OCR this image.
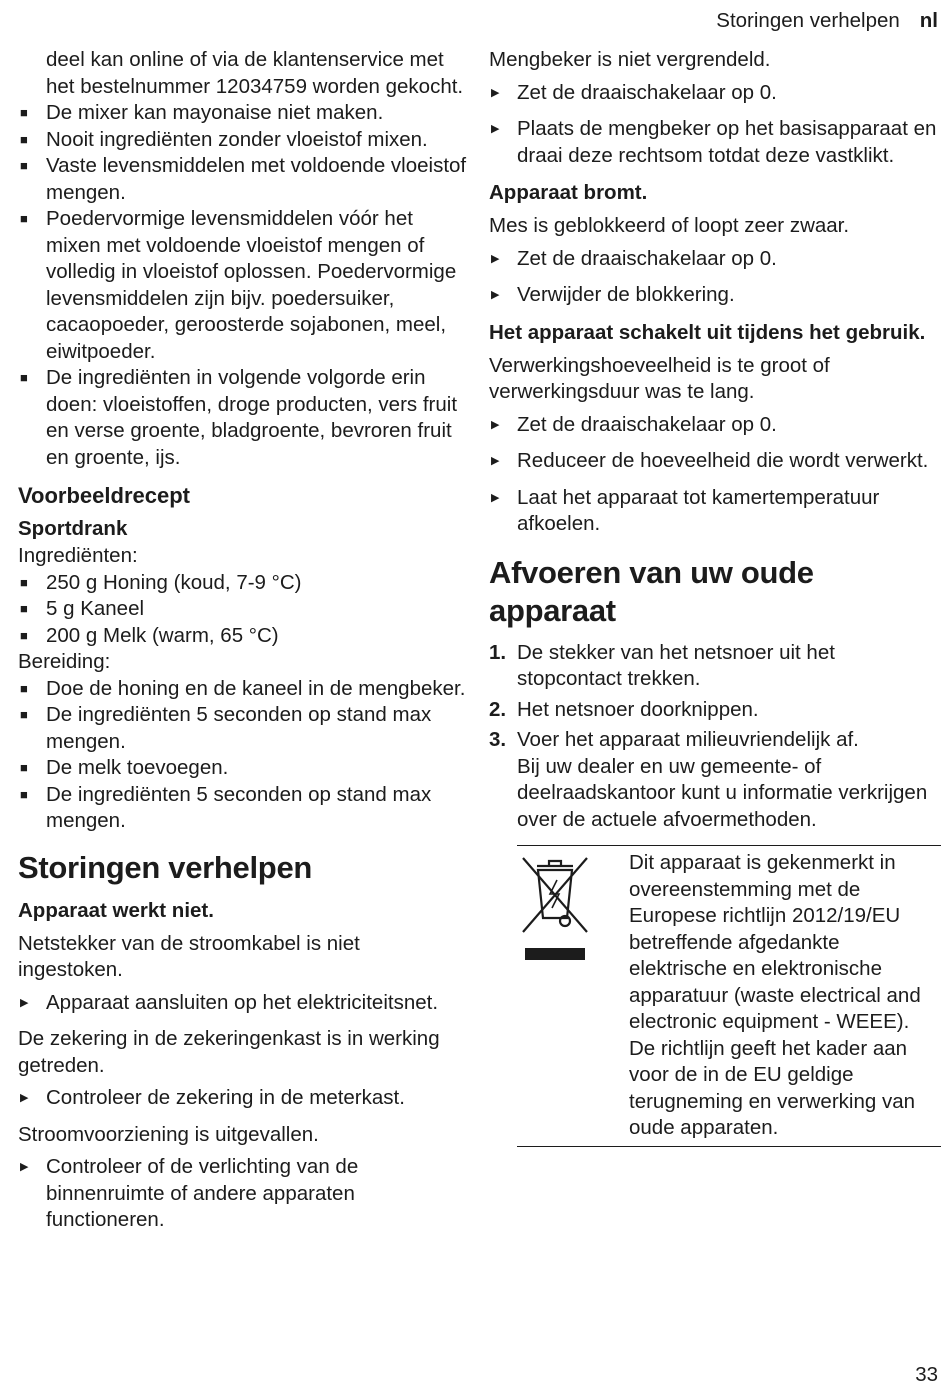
Storingen verhelpen nl

deel kan online of via de klantenservice met het bestelnummer 12034759 worden gekocht.

■ De mixer kan mayonaise niet maken.
■ Nooit ingrediënten zonder vloeistof mixen.
■ Vaste levensmiddelen met voldoende vloeistof mengen.
■ Poedervormige levensmiddelen vóór het mixen met voldoende vloeistof mengen of volledig in vloeistof oplossen. Poedervormige levensmiddelen zijn bijv. poedersuiker, cacaopoeder, geroosterde sojabonen, meel, eiwitpoeder.
■ De ingrediënten in volgende volgorde erin doen: vloeistoffen, droge producten, vers fruit en verse groente, bladgroente, bevroren fruit en groente, ijs.
Voorbeeldrecept
Sportdrank

Ingrediënten:

■ 250 g Honing (koud, 7-9 °C)
■ 5 g Kaneel
■ 200 g Melk (warm, 65 °C)

Bereiding:

■ Doe de honing en de kaneel in de mengbeker.
■ De ingrediënten 5 seconden op stand max mengen.
■ De melk toevoegen.
■ De ingrediënten 5 seconden op stand max mengen.
Storingen verhelpen
Apparaat werkt niet.

Netstekker van de stroomkabel is niet ingestoken.

▶ Apparaat aansluiten op het elektriciteitsnet.

De zekering in de zekeringenkast is in werking getreden.

▶ Controleer de zekering in de meterkast.

Stroomvoorziening is uitgevallen.

▶ Controleer of de verlichting van de binnenruimte of andere apparaten functioneren.

Mengbeker is niet vergrendeld.

▶ Zet de draaischakelaar op 0.
▶ Plaats de mengbeker op het basisapparaat en draai deze rechtsom totdat deze vastklikt.
Apparaat bromt.

Mes is geblokkeerd of loopt zeer zwaar.

▶ Zet de draaischakelaar op 0.
▶ Verwijder de blokkering.
Het apparaat schakelt uit tijdens het gebruik.

Verwerkingshoeveelheid is te groot of verwerkingsduur was te lang.

▶ Zet de draaischakelaar op 0.
▶ Reduceer de hoeveelheid die wordt verwerkt.
▶ Laat het apparaat tot kamertemperatuur afkoelen.
Afvoeren van uw oude apparaat
1. De stekker van het netsnoer uit het stopcontact trekken.
2. Het netsnoer doorknippen.
3. Voer het apparaat milieuvriendelijk af.

Bij uw dealer en uw gemeente- of deelraadskantoor kunt u informatie verkrijgen over de actuele afvoermethoden.

Dit apparaat is gekenmerkt in overeenstemming met de Europese richtlijn 2012/19/EU betreffende afgedankte elektrische en elektronische apparatuur (waste electrical and electronic equipment - WEEE).

De richtlijn geeft het kader aan voor de in de EU geldige terugneming en verwerking van oude apparaten.

33
